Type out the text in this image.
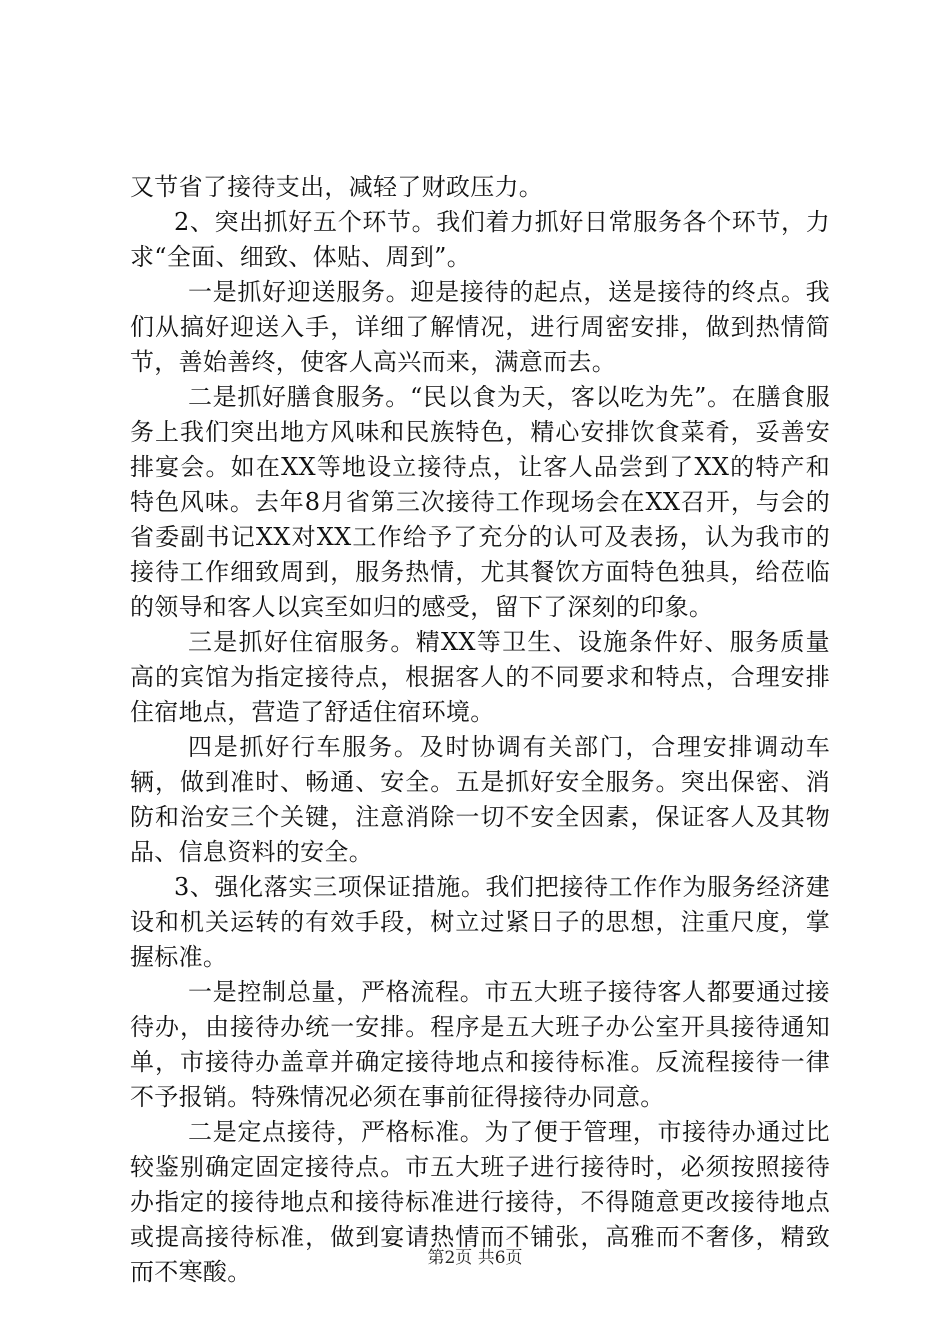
又节省了接待支出，减轻了财政压力。

2、突出抓好五个环节。我们着力抓好日常服务各个环节，力求“全面、细致、体贴、周到”。

一是抓好迎送服务。迎是接待的起点，送是接待的终点。我们从搞好迎送入手，详细了解情况，进行周密安排，做到热情简节，善始善终，使客人高兴而来，满意而去。

二是抓好膳食服务。“民以食为天，客以吃为先”。在膳食服务上我们突出地方风味和民族特色，精心安排饮食菜肴，妥善安排宴会。如在XX等地设立接待点，让客人品尝到了XX的特产和特色风味。去年8月省第三次接待工作现场会在XX召开，与会的省委副书记XX对XX工作给予了充分的认可及表扬，认为我市的接待工作细致周到，服务热情，尤其餐饮方面特色独具，给莅临的领导和客人以宾至如归的感受，留下了深刻的印象。

三是抓好住宿服务。精XX等卫生、设施条件好、服务质量高的宾馆为指定接待点，根据客人的不同要求和特点，合理安排住宿地点，营造了舒适住宿环境。

四是抓好行车服务。及时协调有关部门，合理安排调动车辆，做到准时、畅通、安全。五是抓好安全服务。突出保密、消防和治安三个关键，注意消除一切不安全因素，保证客人及其物品、信息资料的安全。

3、强化落实三项保证措施。我们把接待工作作为服务经济建设和机关运转的有效手段，树立过紧日子的思想，注重尺度，掌握标准。

一是控制总量，严格流程。市五大班子接待客人都要通过接待办，由接待办统一安排。程序是五大班子办公室开具接待通知单，市接待办盖章并确定接待地点和接待标准。反流程接待一律不予报销。特殊情况必须在事前征得接待办同意。

二是定点接待，严格标准。为了便于管理，市接待办通过比较鉴别确定固定接待点。市五大班子进行接待时，必须按照接待办指定的接待地点和接待标准进行接待，不得随意更改接待地点或提高接待标准，做到宴请热情而不铺张，高雅而不奢侈，精致而不寒酸。	第2页 共6页
